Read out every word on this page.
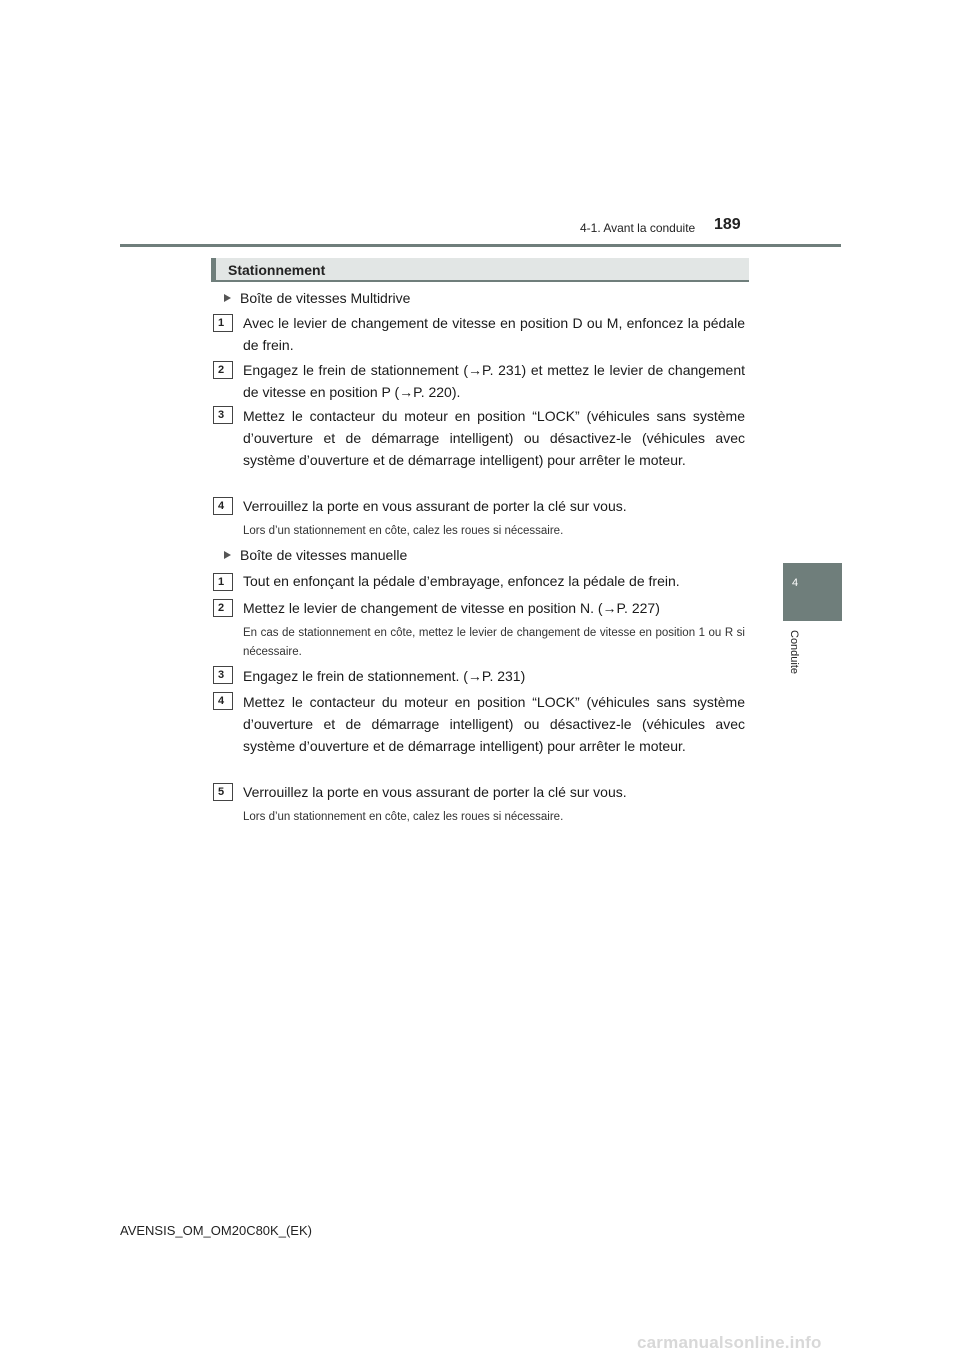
4-1. Avant la conduite 189
4
Conduite
Stationnement
Boîte de vitesses Multidrive
1	Avec le levier de changement de vitesse en position D ou M, enfoncez la pédale de frein.
2	Engagez le frein de stationnement (→P. 231) et mettez le levier de changement de vitesse en position P (→P. 220).
3	Mettez le contacteur du moteur en position “LOCK” (véhicules sans système d’ouverture et de démarrage intelligent) ou désactivez-le (véhicules avec système d’ouverture et de démarrage intelligent) pour arrêter le moteur.
4	Verrouillez la porte en vous assurant de porter la clé sur vous.
Lors d’un stationnement en côte, calez les roues si nécessaire.
Boîte de vitesses manuelle
1	Tout en enfonçant la pédale d’embrayage, enfoncez la pédale de frein.
2	Mettez le levier de changement de vitesse en position N. (→P. 227)
En cas de stationnement en côte, mettez le levier de changement de vitesse en position 1 ou R si nécessaire.
3	Engagez le frein de stationnement. (→P. 231)
4	Mettez le contacteur du moteur en position “LOCK” (véhicules sans système d’ouverture et de démarrage intelligent) ou désactivez-le (véhicules avec système d’ouverture et de démarrage intelligent) pour arrêter le moteur.
5	Verrouillez la porte en vous assurant de porter la clé sur vous.
Lors d’un stationnement en côte, calez les roues si nécessaire.
AVENSIS_OM_OM20C80K_(EK)
carmanualsonline.info
